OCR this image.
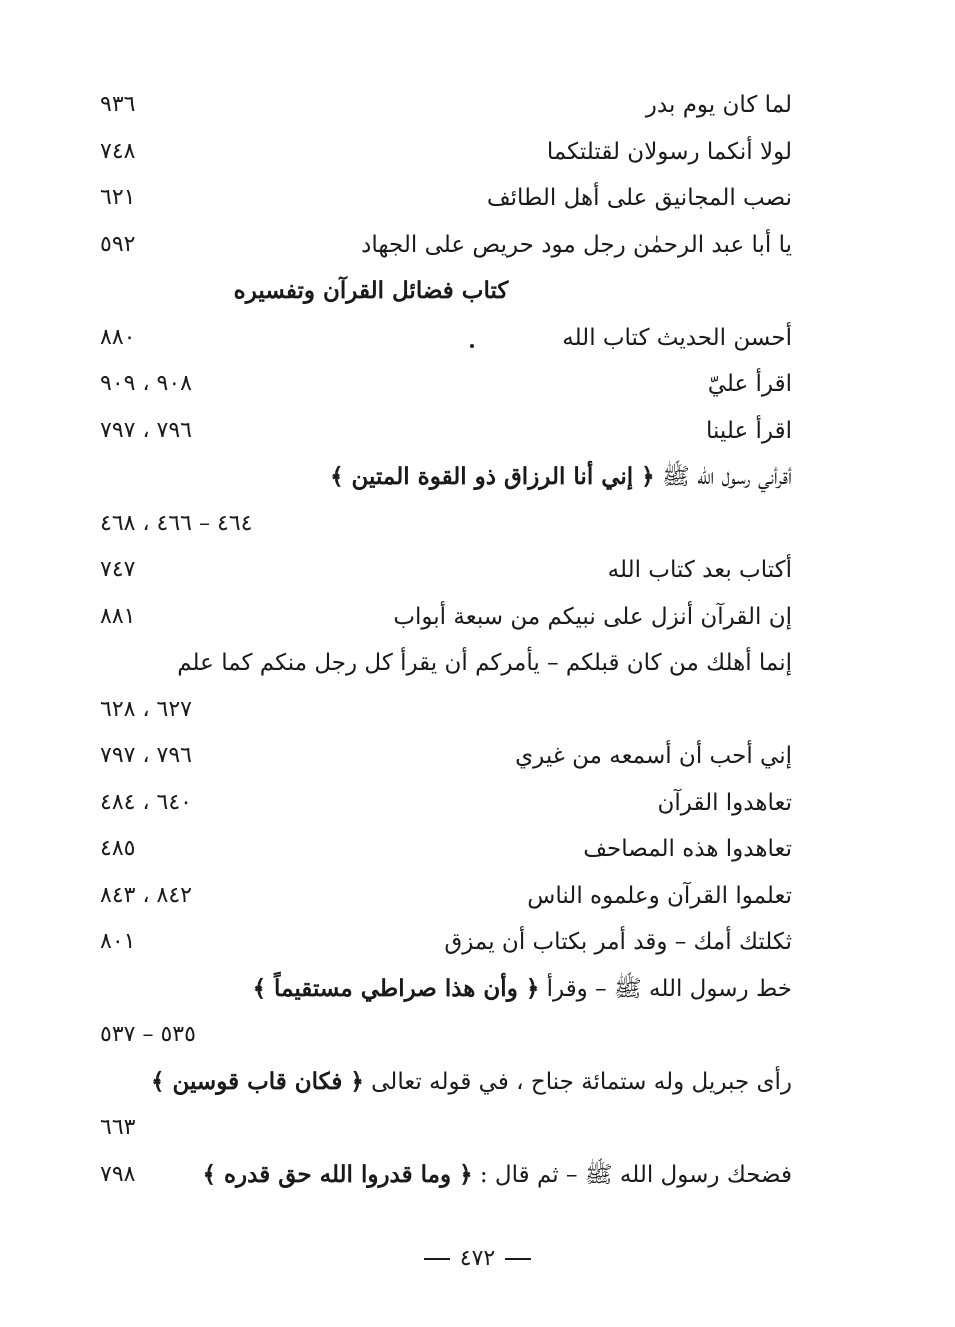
لما كان يوم بدر
٩٣٦
لولا أنكما رسولان لقتلتكما
٧٤٨
نصب المجانيق على أهل الطائف
٦٢١
يا أبا عبد الرحمٰن رجل مود حريص على الجهاد
٥٩٢
كتاب فضائل القرآن وتفسيره
أحسن الحديث كتاب الله
٨٨٠
اقرأ عليّ
٩٠٨ ، ٩٠٩
اقرأ علينا
٧٩٦ ، ٧٩٧
أقرأني رسول الله ﷺ ﴿ إني أنا الرزاق ذو القوة المتين ﴾
٤٦٤ – ٤٦٦ ، ٤٦٨
أكتاب بعد كتاب الله
٧٤٧
إن القرآن أنزل على نبيكم من سبعة أبواب
٨٨١
إنما أهلك من كان قبلكم – يأمركم أن يقرأ كل رجل منكم كما علم
٦٢٧ ، ٦٢٨
إني أحب أن أسمعه من غيري
٧٩٦ ، ٧٩٧
تعاهدوا القرآن
٦٤٠ ، ٤٨٤
تعاهدوا هذه المصاحف
٤٨٥
تعلموا القرآن وعلموه الناس
٨٤٢ ، ٨٤٣
ثكلتك أمك – وقد أمر بكتاب أن يمزق
٨٠١
خط رسول الله ﷺ – وقرأ ﴿ وأن هذا صراطي مستقيماً ﴾
٥٣٥ – ٥٣٧
رأى جبريل وله ستمائة جناح ، في قوله تعالى ﴿ فكان قاب قوسين ﴾
٦٦٣
فضحك رسول الله ﷺ – ثم قال : ﴿ وما قدروا الله حق قدره ﴾
٧٩٨
٤٧٢
